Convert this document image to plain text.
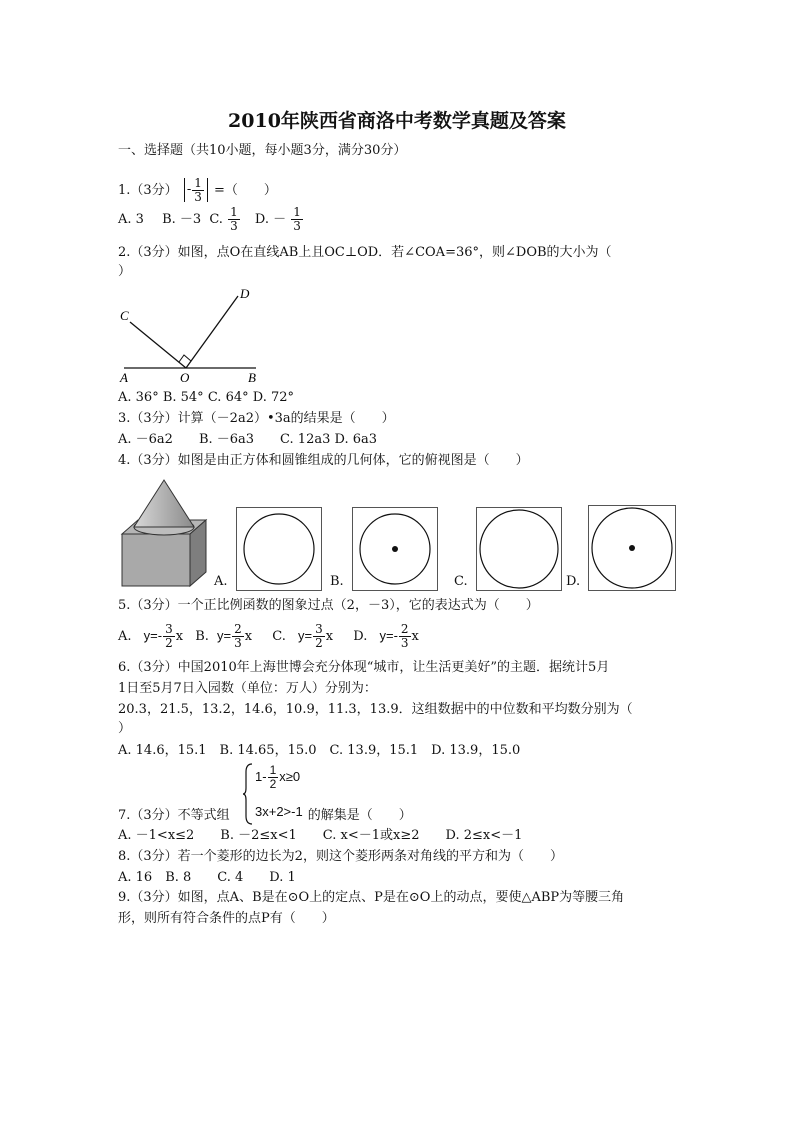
2010年陕西省商洛中考数学真题及答案
一、选择题（共10小题，每小题3分，满分30分）
1.（3分） - $\frac{1}{3}$ =（　　）
A. 3 B. －3 C. $\frac{1}{3} D$. － $\frac{1}{3}$
2.（3分）如图，点O在直线AB上且OC⊥OD．若∠COA=36°，则∠DOB的大小为（
）
C
D
A	O	B
A. 36° B. 54° C. 64° D. 72°
3.（3分）计算（－2a2）•3a的结果是（　　）
A. －6a2　　B. －6a3　　C. 12a3 D. 6a3
4.（3分）如图是由正方体和圆锥组成的几何体，它的俯视图是（　　）
A.	B.	C.	D.
5.（3分）一个正比例函数的图象过点（2，－3），它的表达式为（　　）
A. $y=- \frac{3}{2}$ x B. $y= \frac{2}{3}$ x C. $y= \frac{3}{2}$ x D. $y=- \frac{2}{3}$ x
6.（3分）中国2010年上海世博会充分体现“城市，让生活更美好”的主题．据统计5月
1日至5月7日入园数（单位：万人）分别为：
20.3，21.5，13.2，14.6，10.9，11.3，13.9．这组数据中的中位数和平均数分别为（
）
A. 14.6，15.1　B. 14.65，15.0　C. 13.9，15.1　D. 13.9，15.0
$1- \frac{1}{2} x\ge 0$
3x+2>-1
7.（3分）不等式组	的解集是（　　）
A. －1<x≤2　　B. －2≤x<1　　C. x<－1或x≥2　　D. 2≤x<－1
8.（3分）若一个菱形的边长为2，则这个菱形两条对角线的平方和为（　　）
A. 16　B. 8　　C. 4　　D. 1
9.（3分）如图，点A、B是在⊙O上的定点、P是在⊙O上的动点，要使△ABP为等腰三角
形，则所有符合条件的点P有（　　）
